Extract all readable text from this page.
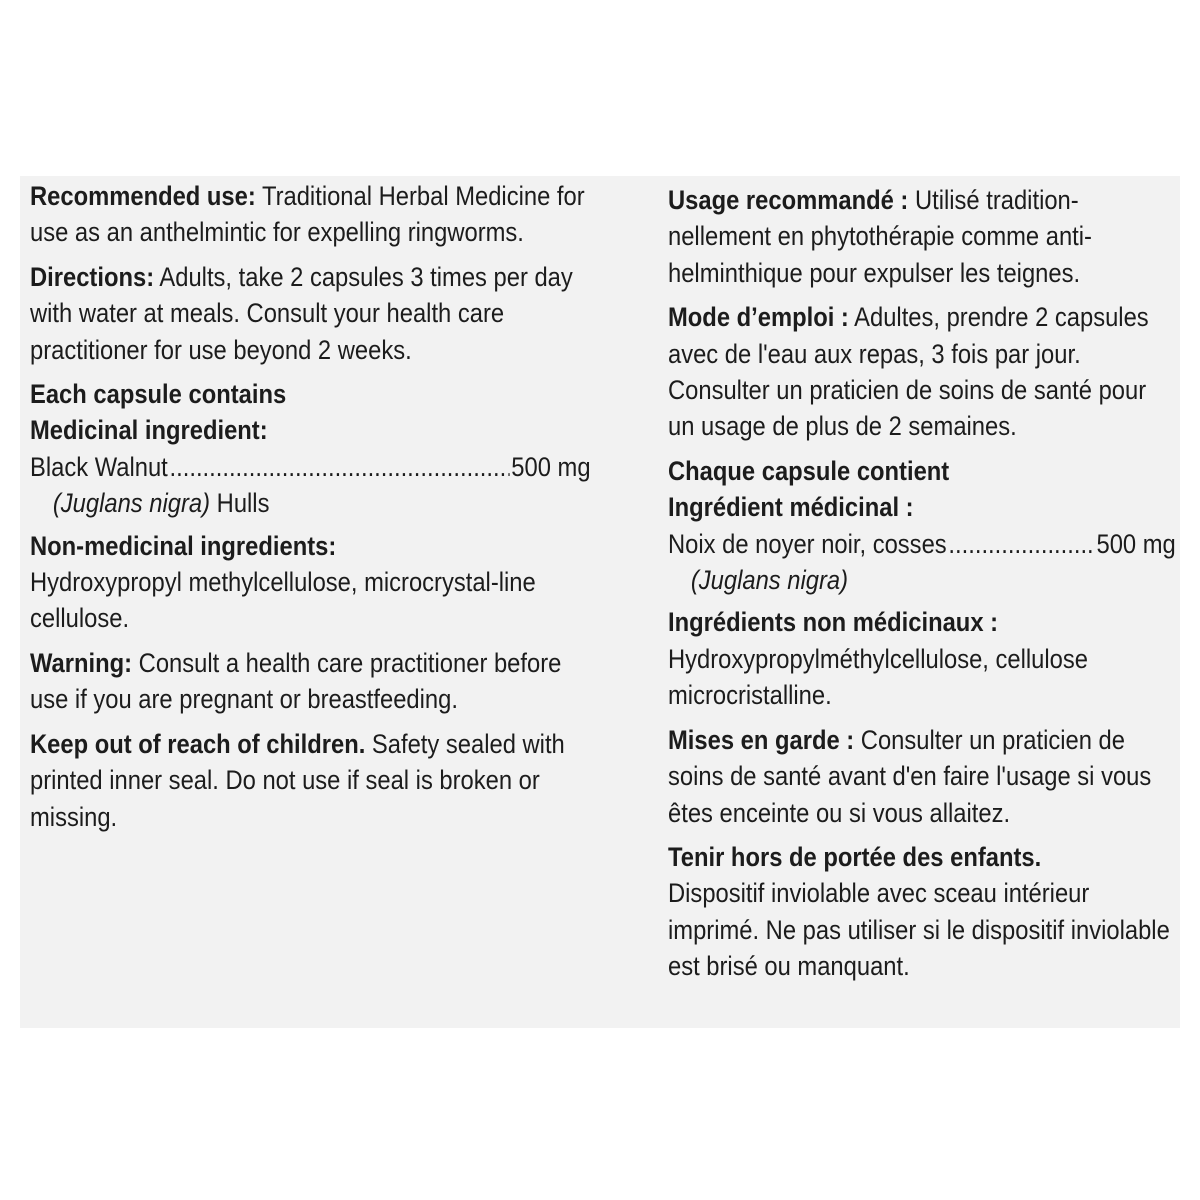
Recommended use: Traditional Herbal Medicine for use as an anthelmintic for expelling ringworms.
Directions: Adults, take 2 capsules 3 times per day with water at meals. Consult your health care practitioner for use beyond 2 weeks.
Each capsule contains
Medicinal ingredient:
Black Walnut .....	500 mg
(Juglans nigra) Hulls
Non-medicinal ingredients:
Hydroxypropyl methylcellulose, microcrystal-line cellulose.
Warning: Consult a health care practitioner before use if you are pregnant or breastfeeding.
Keep out of reach of children. Safety sealed with printed inner seal. Do not use if seal is broken or missing.
Usage recommandé : Utilisé tradition-nellement en phytothérapie comme anti-helminthique pour expulser les teignes.
Mode d’emploi : Adultes, prendre 2 capsules avec de l'eau aux repas, 3 fois par jour. Consulter un praticien de soins de santé pour un usage de plus de 2 semaines.
Chaque capsule contient
Ingrédient médicinal :
Noix de noyer noir, cosses .....	500 mg
(Juglans nigra)
Ingrédients non médicinaux :
Hydroxypropylméthylcellulose, cellulose microcristalline.
Mises en garde : Consulter un praticien de soins de santé avant d'en faire l'usage si vous êtes enceinte ou si vous allaitez.
Tenir hors de portée des enfants.
Dispositif inviolable avec sceau intérieur imprimé. Ne pas utiliser si le dispositif inviolable est brisé ou manquant.
